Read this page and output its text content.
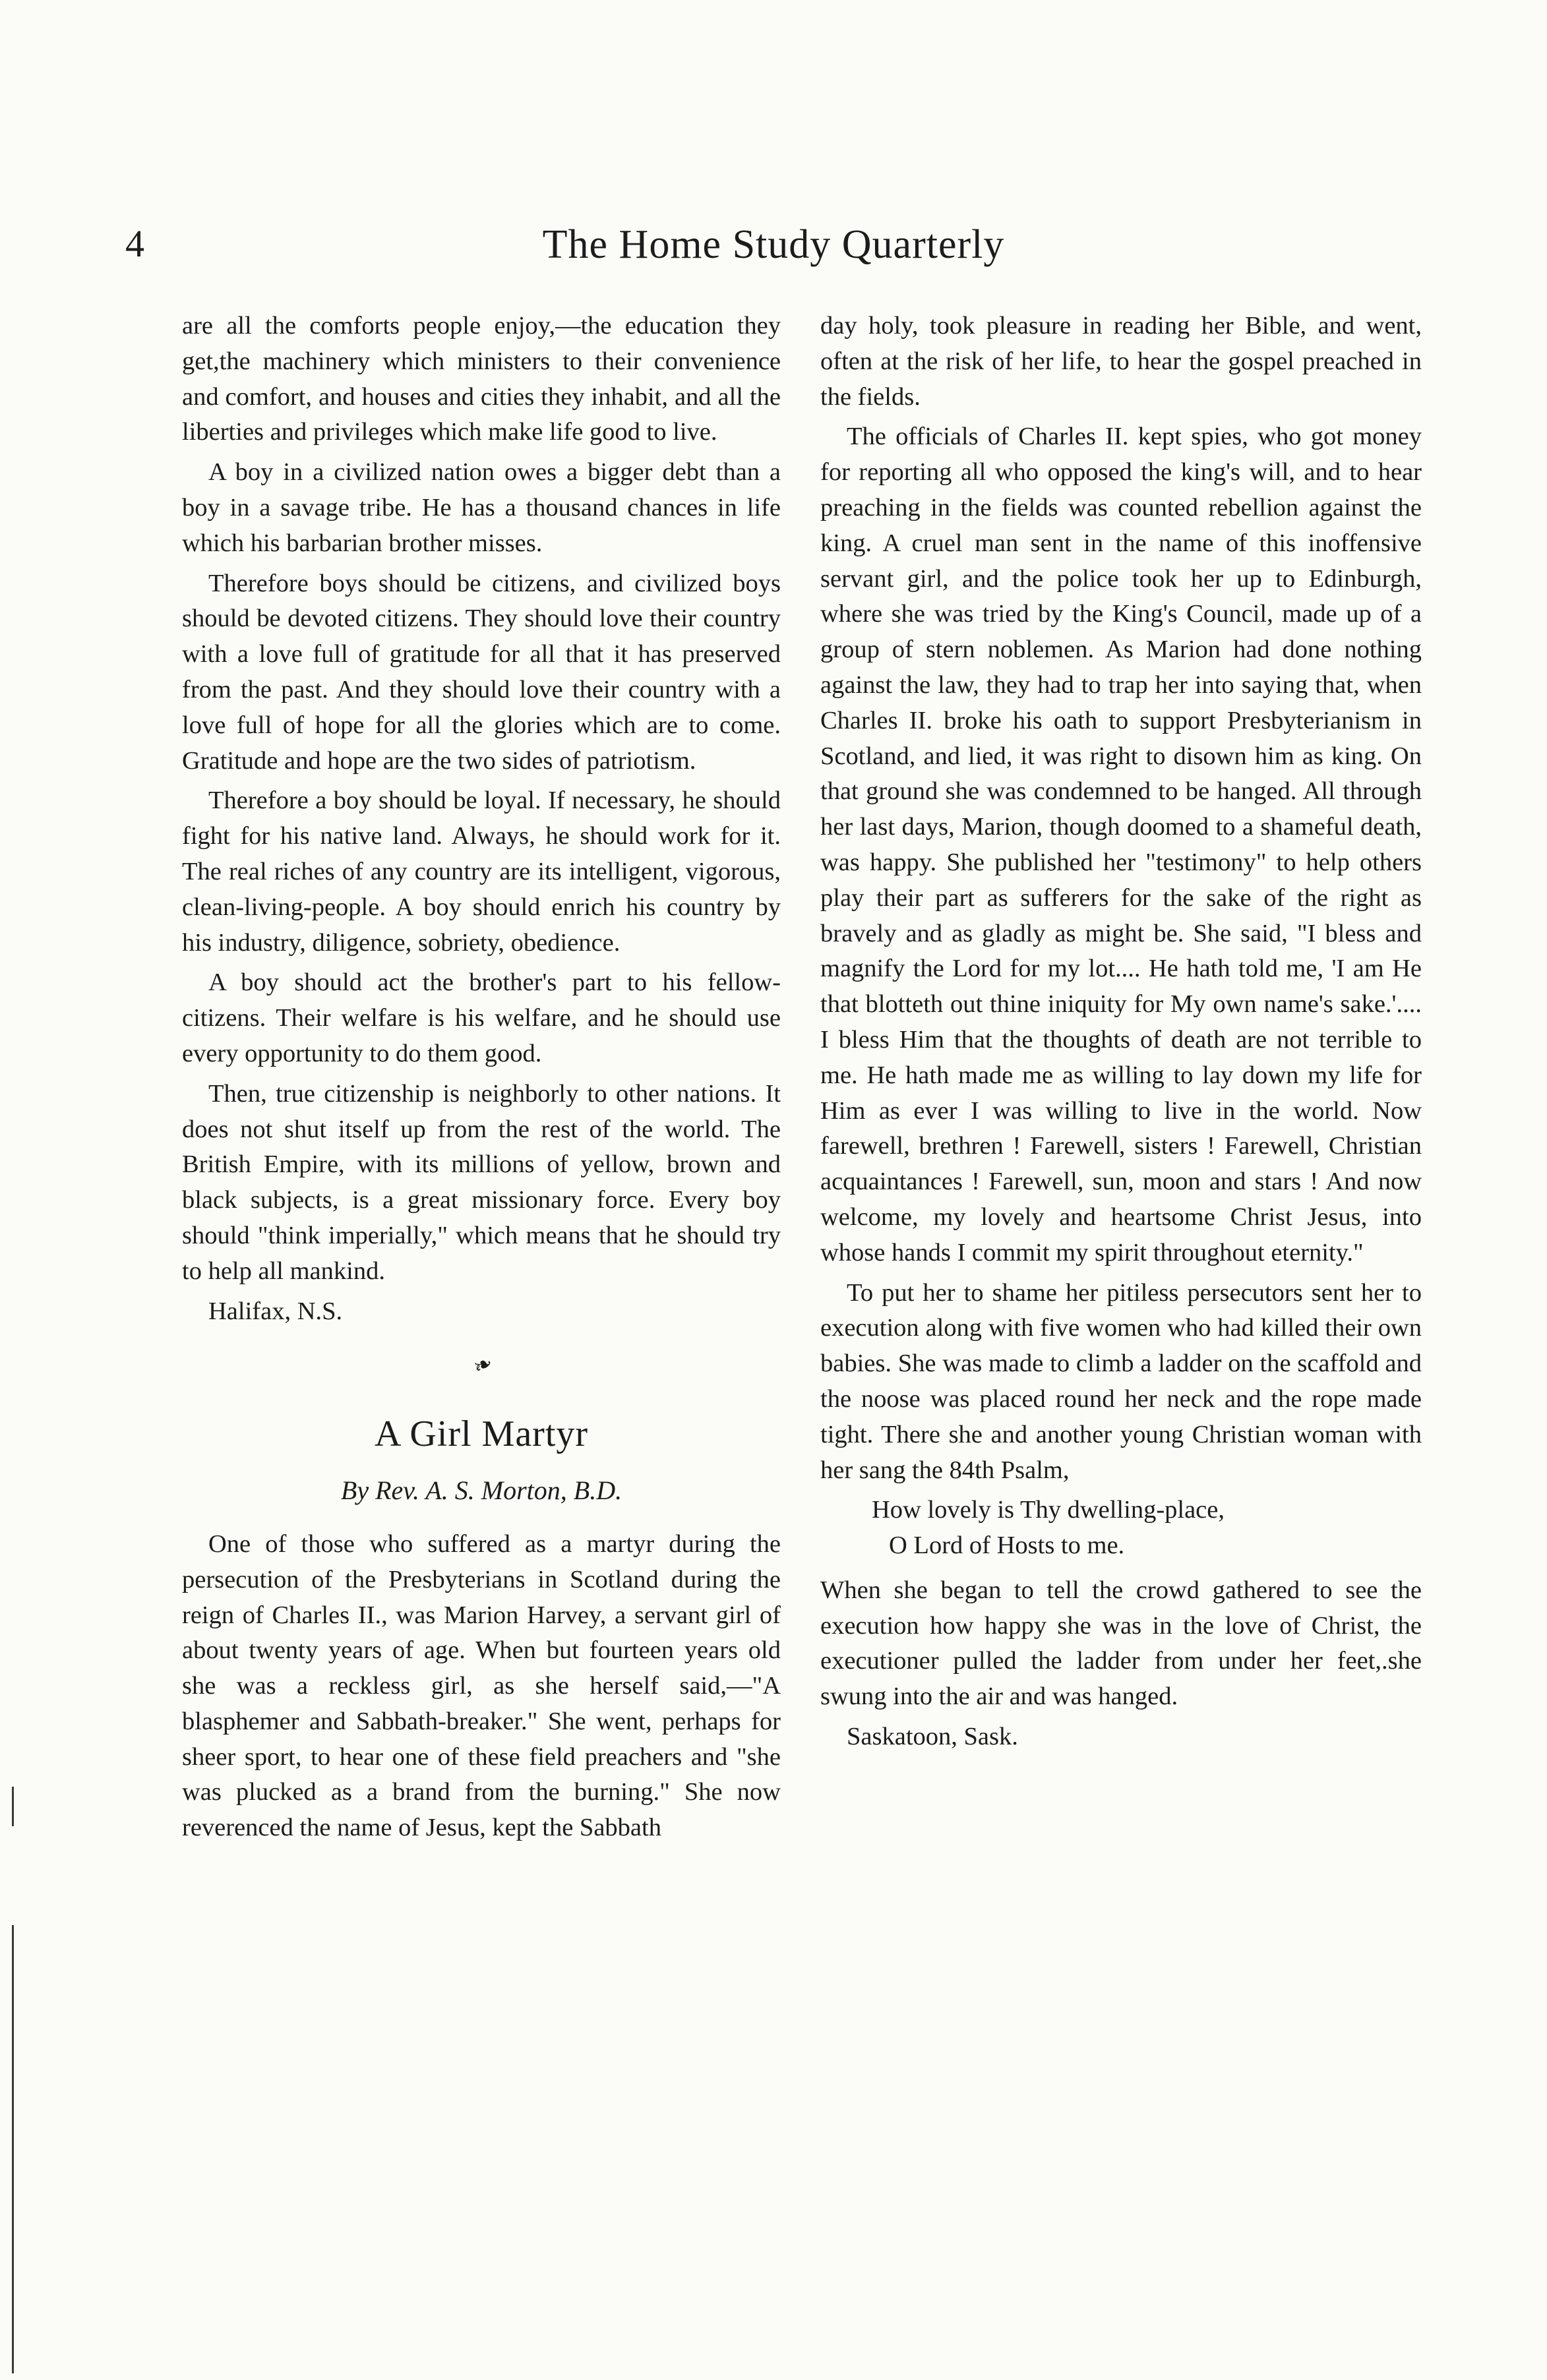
4	The Home Study Quarterly

are all the comforts people enjoy,—the education they get,the machinery which ministers to their convenience and comfort, and houses and cities they inhabit, and all the liberties and privileges which make life good to live.

A boy in a civilized nation owes a bigger debt than a boy in a savage tribe. He has a thousand chances in life which his barbarian brother misses.

Therefore boys should be citizens, and civilized boys should be devoted citizens. They should love their country with a love full of gratitude for all that it has preserved from the past. And they should love their country with a love full of hope for all the glories which are to come. Gratitude and hope are the two sides of patriotism.

Therefore a boy should be loyal. If necessary, he should fight for his native land. Always, he should work for it. The real riches of any country are its intelligent, vigorous, clean-living-people. A boy should enrich his country by his industry, diligence, sobriety, obedience.

A boy should act the brother's part to his fellow-citizens. Their welfare is his welfare, and he should use every opportunity to do them good.

Then, true citizenship is neighborly to other nations. It does not shut itself up from the rest of the world. The British Empire, with its millions of yellow, brown and black subjects, is a great missionary force. Every boy should "think imperially," which means that he should try to help all mankind.

Halifax, N.S.
❧
A Girl Martyr
By Rev. A. S. Morton, B.D.

One of those who suffered as a martyr during the persecution of the Presbyterians in Scotland during the reign of Charles II., was Marion Harvey, a servant girl of about twenty years of age. When but fourteen years old she was a reckless girl, as she herself said,—"A blasphemer and Sabbath-breaker." She went, perhaps for sheer sport, to hear one of these field preachers and "she was plucked as a brand from the burning." She now reverenced the name of Jesus, kept the Sabbath

day holy, took pleasure in reading her Bible, and went, often at the risk of her life, to hear the gospel preached in the fields.

The officials of Charles II. kept spies, who got money for reporting all who opposed the king's will, and to hear preaching in the fields was counted rebellion against the king. A cruel man sent in the name of this inoffensive servant girl, and the police took her up to Edinburgh, where she was tried by the King's Council, made up of a group of stern noblemen. As Marion had done nothing against the law, they had to trap her into saying that, when Charles II. broke his oath to support Presbyterianism in Scotland, and lied, it was right to disown him as king. On that ground she was condemned to be hanged. All through her last days, Marion, though doomed to a shameful death, was happy. She published her "testimony" to help others play their part as sufferers for the sake of the right as bravely and as gladly as might be. She said, "I bless and magnify the Lord for my lot.... He hath told me, 'I am He that blotteth out thine iniquity for My own name's sake.'.... I bless Him that the thoughts of death are not terrible to me. He hath made me as willing to lay down my life for Him as ever I was willing to live in the world. Now farewell, brethren ! Farewell, sisters ! Farewell, Christian acquaintances ! Farewell, sun, moon and stars ! And now welcome, my lovely and heartsome Christ Jesus, into whose hands I commit my spirit throughout eternity."

To put her to shame her pitiless persecutors sent her to execution along with five women who had killed their own babies. She was made to climb a ladder on the scaffold and the noose was placed round her neck and the rope made tight. There she and another young Christian woman with her sang the 84th Psalm,

How lovely is Thy dwelling-place,
O Lord of Hosts to me.

When she began to tell the crowd gathered to see the execution how happy she was in the love of Christ, the executioner pulled the ladder from under her feet,.she swung into the air and was hanged.

Saskatoon, Sask.
